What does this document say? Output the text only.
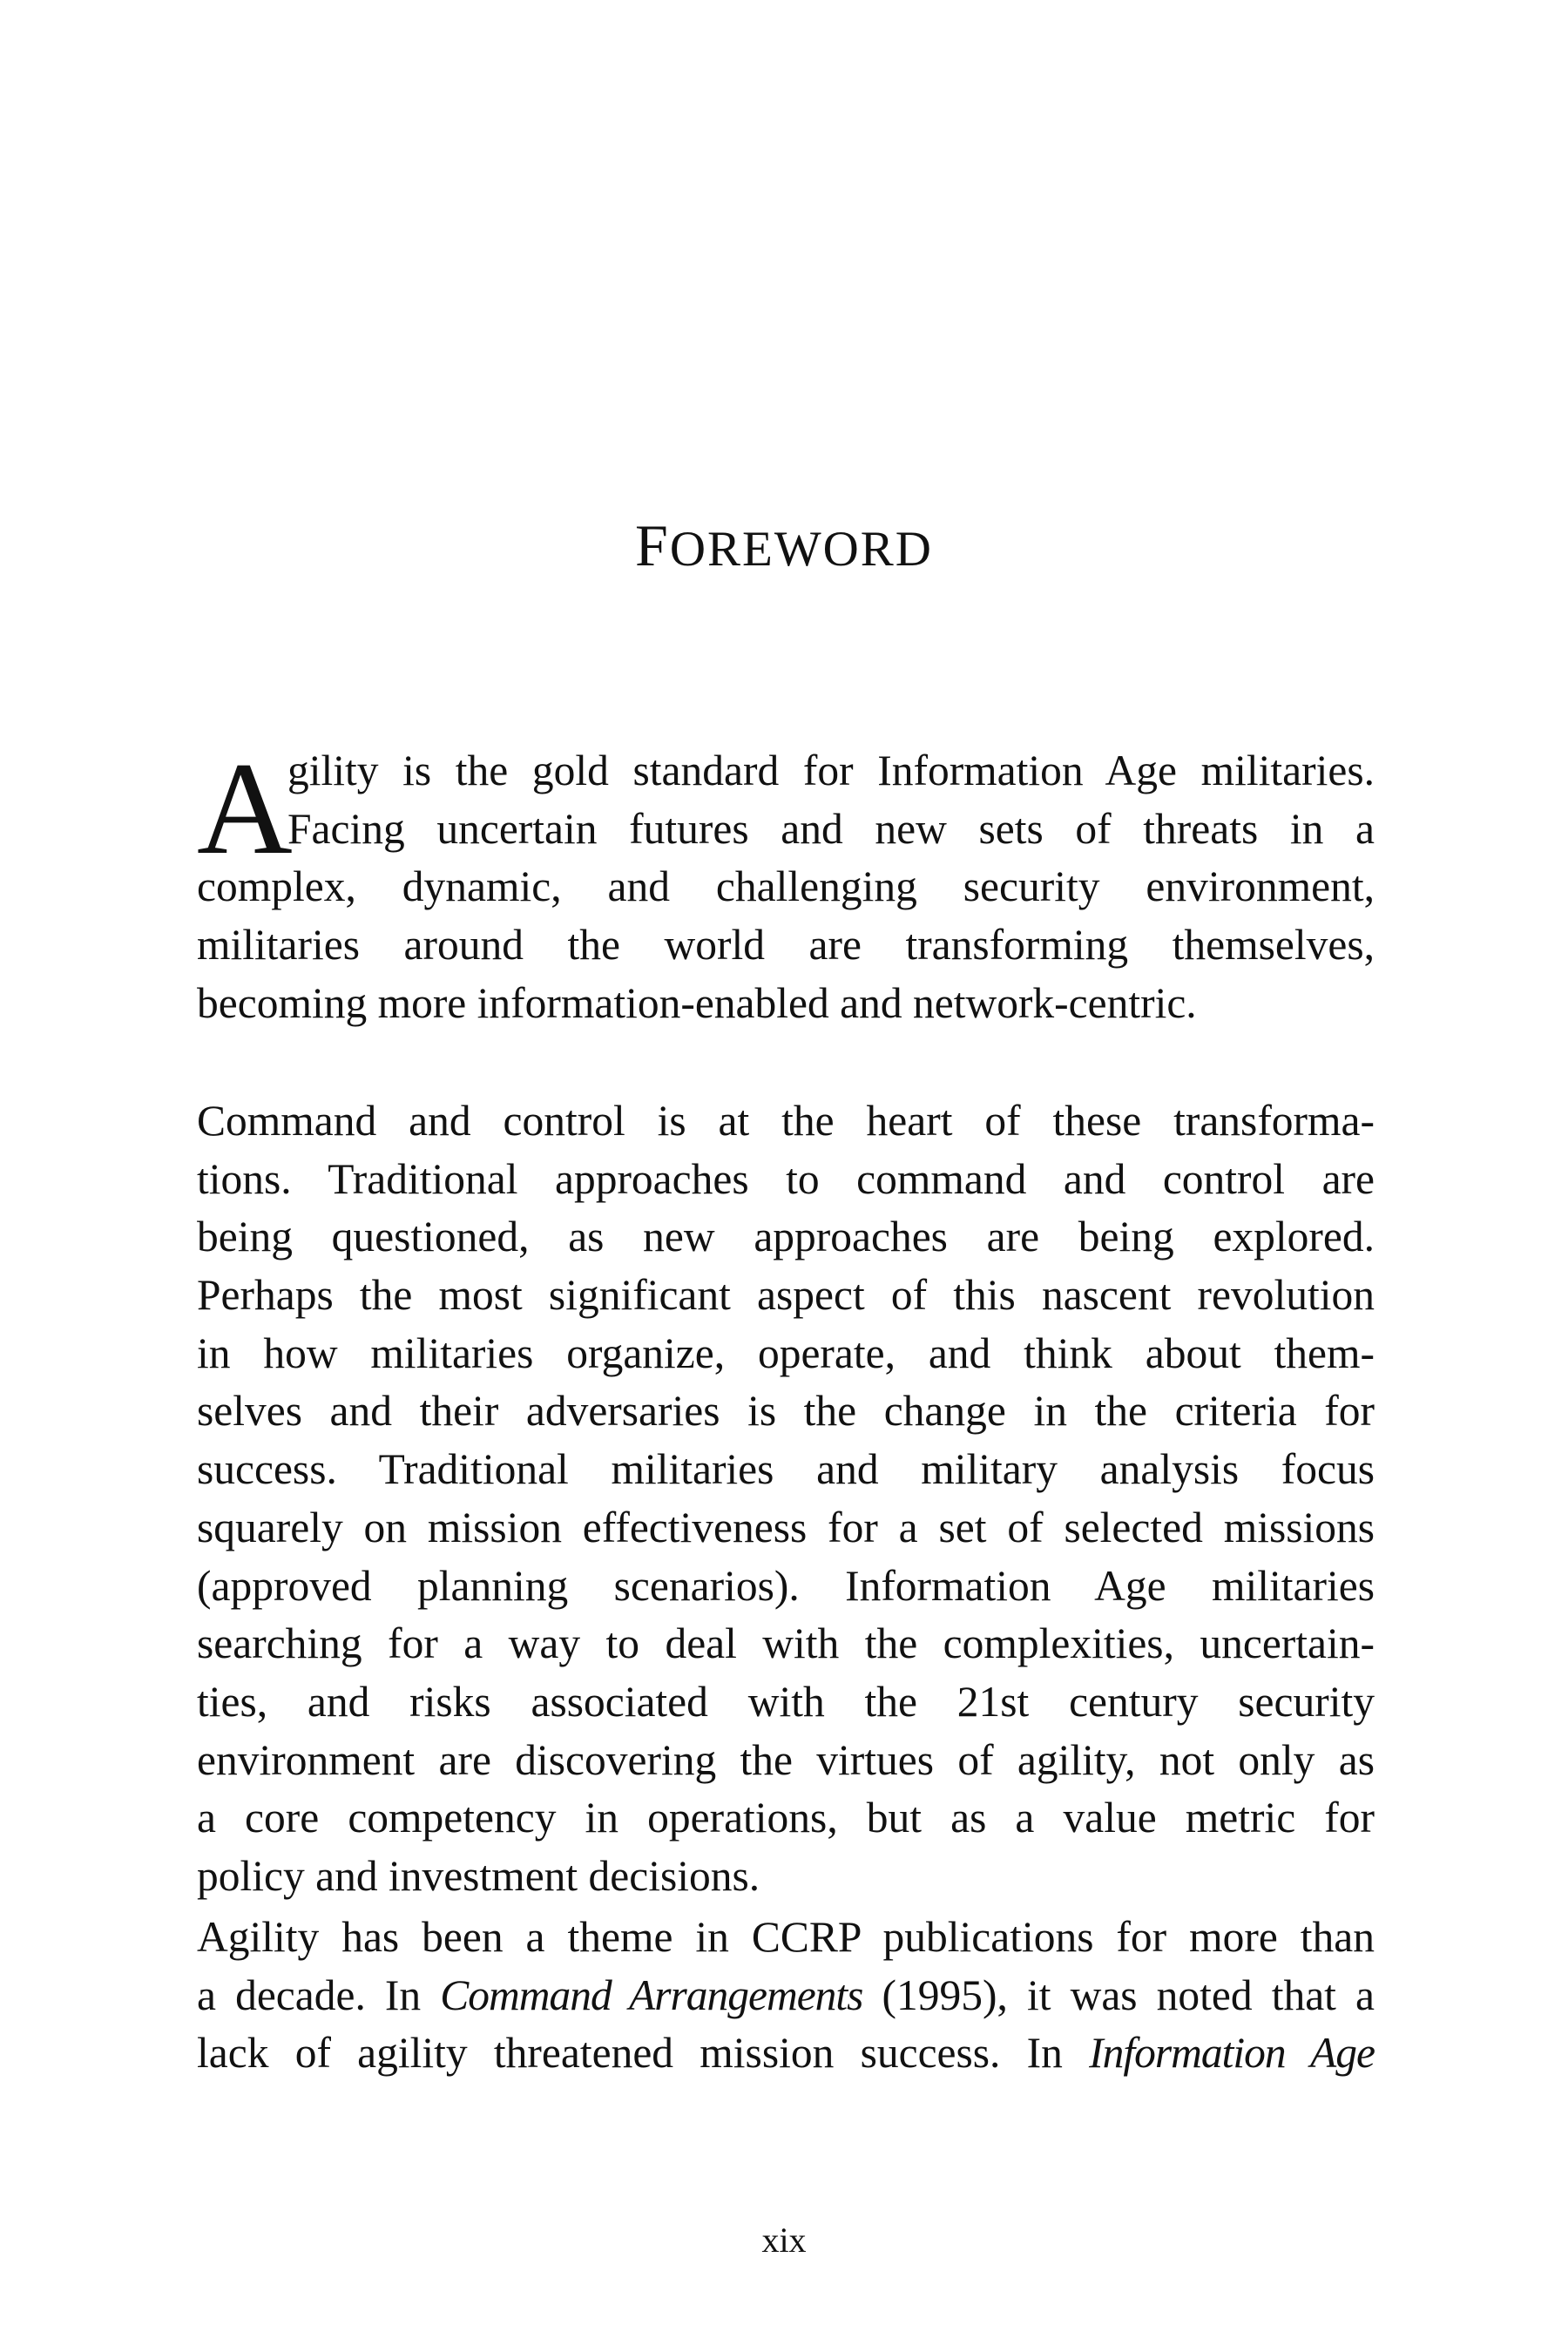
FOREWORD
A
gility is the gold standard for Information Age militaries.
Facing uncertain futures and new sets of threats in a
complex, dynamic, and challenging security environment,
militaries around the world are transforming themselves,
becoming more information-enabled and network-centric.
Command and control is at the heart of these transforma-
tions. Traditional approaches to command and control are
being questioned, as new approaches are being explored.
Perhaps the most significant aspect of this nascent revolution
in how militaries organize, operate, and think about them-
selves and their adversaries is the change in the criteria for
success. Traditional militaries and military analysis focus
squarely on mission effectiveness for a set of selected missions
(approved planning scenarios). Information Age militaries
searching for a way to deal with the complexities, uncertain-
ties, and risks associated with the 21st century security
environment are discovering the virtues of agility, not only as
a core competency in operations, but as a value metric for
policy and investment decisions.
Agility has been a theme in CCRP publications for more than
a decade. In Command Arrangements (1995), it was noted that a
lack of agility threatened mission success. In Information Age
xix
